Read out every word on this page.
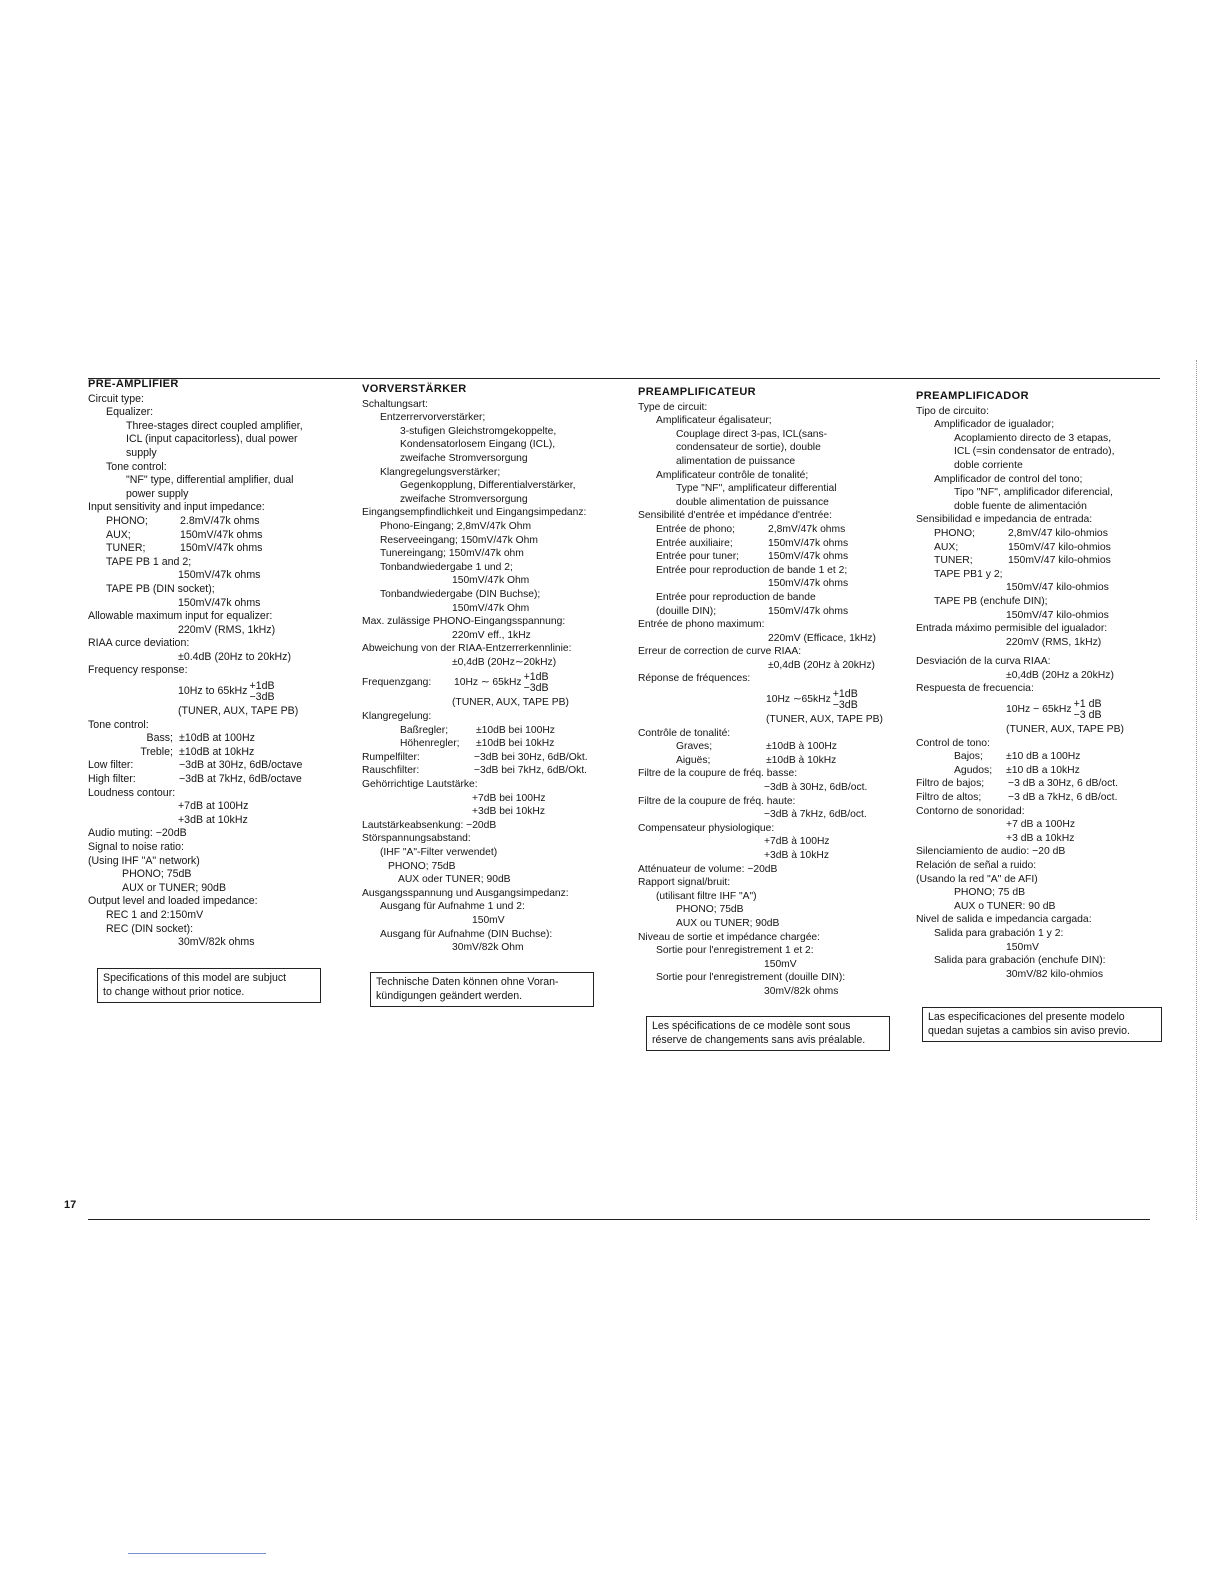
PRE-AMPLIFIER
Circuit type:
Equalizer:
Three-stages direct coupled amplifier,
ICL (input capacitorless), dual power
supply
Tone control:
"NF" type, differential amplifier, dual
power supply
Input sensitivity and input impedance:
PHONO;	2.8mV/47k ohms
AUX;	150mV/47k ohms
TUNER;	150mV/47k ohms
TAPE PB 1 and 2;
150mV/47k ohms
TAPE PB (DIN socket);
150mV/47k ohms
Allowable maximum input for equalizer:
220mV (RMS, 1kHz)
RIAA curce deviation:
±0.4dB (20Hz to 20kHz)
Frequency response:
10Hz to 65kHz +1dB
−3dB
(TUNER, AUX, TAPE PB)
Tone control:
Bass; ±10dB at 100Hz
Treble; ±10dB at 10kHz
Low filter:	−3dB at 30Hz, 6dB/octave
High filter:	−3dB at 7kHz, 6dB/octave
Loudness contour:
+7dB at 100Hz
+3dB at 10kHz
Audio muting: −20dB
Signal to noise ratio:
(Using IHF "A" network)
PHONO; 75dB
AUX or TUNER; 90dB
Output level and loaded impedance:
REC 1 and 2:150mV
REC (DIN socket):
30mV/82k ohms
Specifications of this model are subjuct
to change without prior notice.
VORVERSTÄRKER
Schaltungsart:
Entzerrervorverstärker;
3-stufigen Gleichstromgekoppelte,
Kondensatorlosem Eingang (ICL),
zweifache Stromversorgung
Klangregelungsverstärker;
Gegenkopplung, Differentialverstärker,
zweifache Stromversorgung
Eingangsempfindlichkeit und Eingangsimpedanz:
Phono-Eingang; 2,8mV/47k Ohm
Reserveeingang; 150mV/47k Ohm
Tunereingang; 150mV/47k ohm
Tonbandwiedergabe 1 und 2;
150mV/47k Ohm
Tonbandwiedergabe (DIN Buchse);
150mV/47k Ohm
Max. zulässige PHONO-Eingangsspannung:
220mV eff., 1kHz
Abweichung von der RIAA-Entzerrerkennlinie:
±0,4dB (20Hz∼20kHz)
Frequenzgang:	10Hz ∼ 65kHz +1dB
−3dB
(TUNER, AUX, TAPE PB)
Klangregelung:
Baßregler;	±10dB bei 100Hz
Höhenregler; ±10dB bei 10kHz
Rumpelfilter:	−3dB bei 30Hz, 6dB/Okt.
Rauschfilter:	−3dB bei 7kHz, 6dB/Okt.
Gehörrichtige Lautstärke:
+7dB bei 100Hz
+3dB bei 10kHz
Lautstärkeabsenkung: −20dB
Störspannungsabstand:
(IHF "A"-Filter verwendet)
PHONO; 75dB
AUX oder TUNER; 90dB
Ausgangsspannung und Ausgangsimpedanz:
Ausgang für Aufnahme 1 und 2:
150mV
Ausgang für Aufnahme (DIN Buchse):
30mV/82k Ohm
Technische Daten können ohne Voran-
kündigungen geändert werden.
PREAMPLIFICATEUR
Type de circuit:
Amplificateur égalisateur;
Couplage direct 3-pas, ICL(sans-
condensateur de sortie), double
alimentation de puissance
Amplificateur contrôle de tonalité;
Type "NF", amplificateur differential
double alimentation de puissance
Sensibilité d'entrée et impédance d'entrée:
Entrée de phono;	2,8mV/47k ohms
Entrée auxiliaire;	150mV/47k ohms
Entrée pour tuner;	150mV/47k ohms
Entrée pour reproduction de bande 1 et 2;
150mV/47k ohms
Entrée pour reproduction de bande
(douille DIN);	150mV/47k ohms
Entrée de phono maximum:
220mV (Efficace, 1kHz)
Erreur de correction de curve RIAA:
±0,4dB (20Hz à 20kHz)
Réponse de fréquences:
10Hz ∼65kHz +1dB
−3dB
(TUNER, AUX, TAPE PB)
Contrôle de tonalité:
Graves;	±10dB à 100Hz
Aiguës;	±10dB à 10kHz
Filtre de la coupure de fréq. basse:
−3dB à 30Hz, 6dB/oct.
Filtre de la coupure de fréq. haute:
−3dB à 7kHz, 6dB/oct.
Compensateur physiologique:
+7dB à 100Hz
+3dB à 10kHz
Atténuateur de volume: −20dB
Rapport signal/bruit:
(utilisant filtre IHF "A")
PHONO; 75dB
AUX ou TUNER; 90dB
Niveau de sortie et impédance chargée:
Sortie pour l'enregistrement 1 et 2:
150mV
Sortie pour l'enregistrement (douille DIN):
30mV/82k ohms
Les spécifications de ce modèle sont sous
réserve de changements sans avis préalable.
PREAMPLIFICADOR
Tipo de circuito:
Amplificador de igualador;
Acoplamiento directo de 3 etapas,
ICL (=sin condensator de entrado),
doble corriente
Amplificador de control del tono;
Tipo "NF", amplificador diferencial,
doble fuente de alimentación
Sensibilidad e impedancia de entrada:
PHONO;	2,8mV/47 kilo-ohmios
AUX;	150mV/47 kilo-ohmios
TUNER;	150mV/47 kilo-ohmios
TAPE PB1 y 2;
150mV/47 kilo-ohmios
TAPE PB (enchufe DIN);
150mV/47 kilo-ohmios
Entrada máximo permisible del igualador:
220mV (RMS, 1kHz)
Desviación de la curva RIAA:
±0,4dB (20Hz a 20kHz)
Respuesta de frecuencia:
10Hz − 65kHz +1 dB
−3 dB
(TUNER, AUX, TAPE PB)
Control de tono:
Bajos; ±10 dB a 100Hz
Agudos; ±10 dB a 10kHz
Filtro de bajos; −3 dB a 30Hz, 6 dB/oct.
Filtro de altos;	−3 dB a 7kHz, 6 dB/oct.
Contorno de sonoridad:
+7 dB a 100Hz
+3 dB a 10kHz
Silenciamiento de audio: −20 dB
Relación de señal a ruido:
(Usando la red "A" de AFI)
PHONO; 75 dB
AUX o TUNER: 90 dB
Nivel de salida e impedancia cargada:
Salida para grabación 1 y 2:
150mV
Salida para grabación (enchufe DIN):
30mV/82 kilo-ohmios
Las especificaciones del presente modelo
quedan sujetas a cambios sin aviso previo.
17
